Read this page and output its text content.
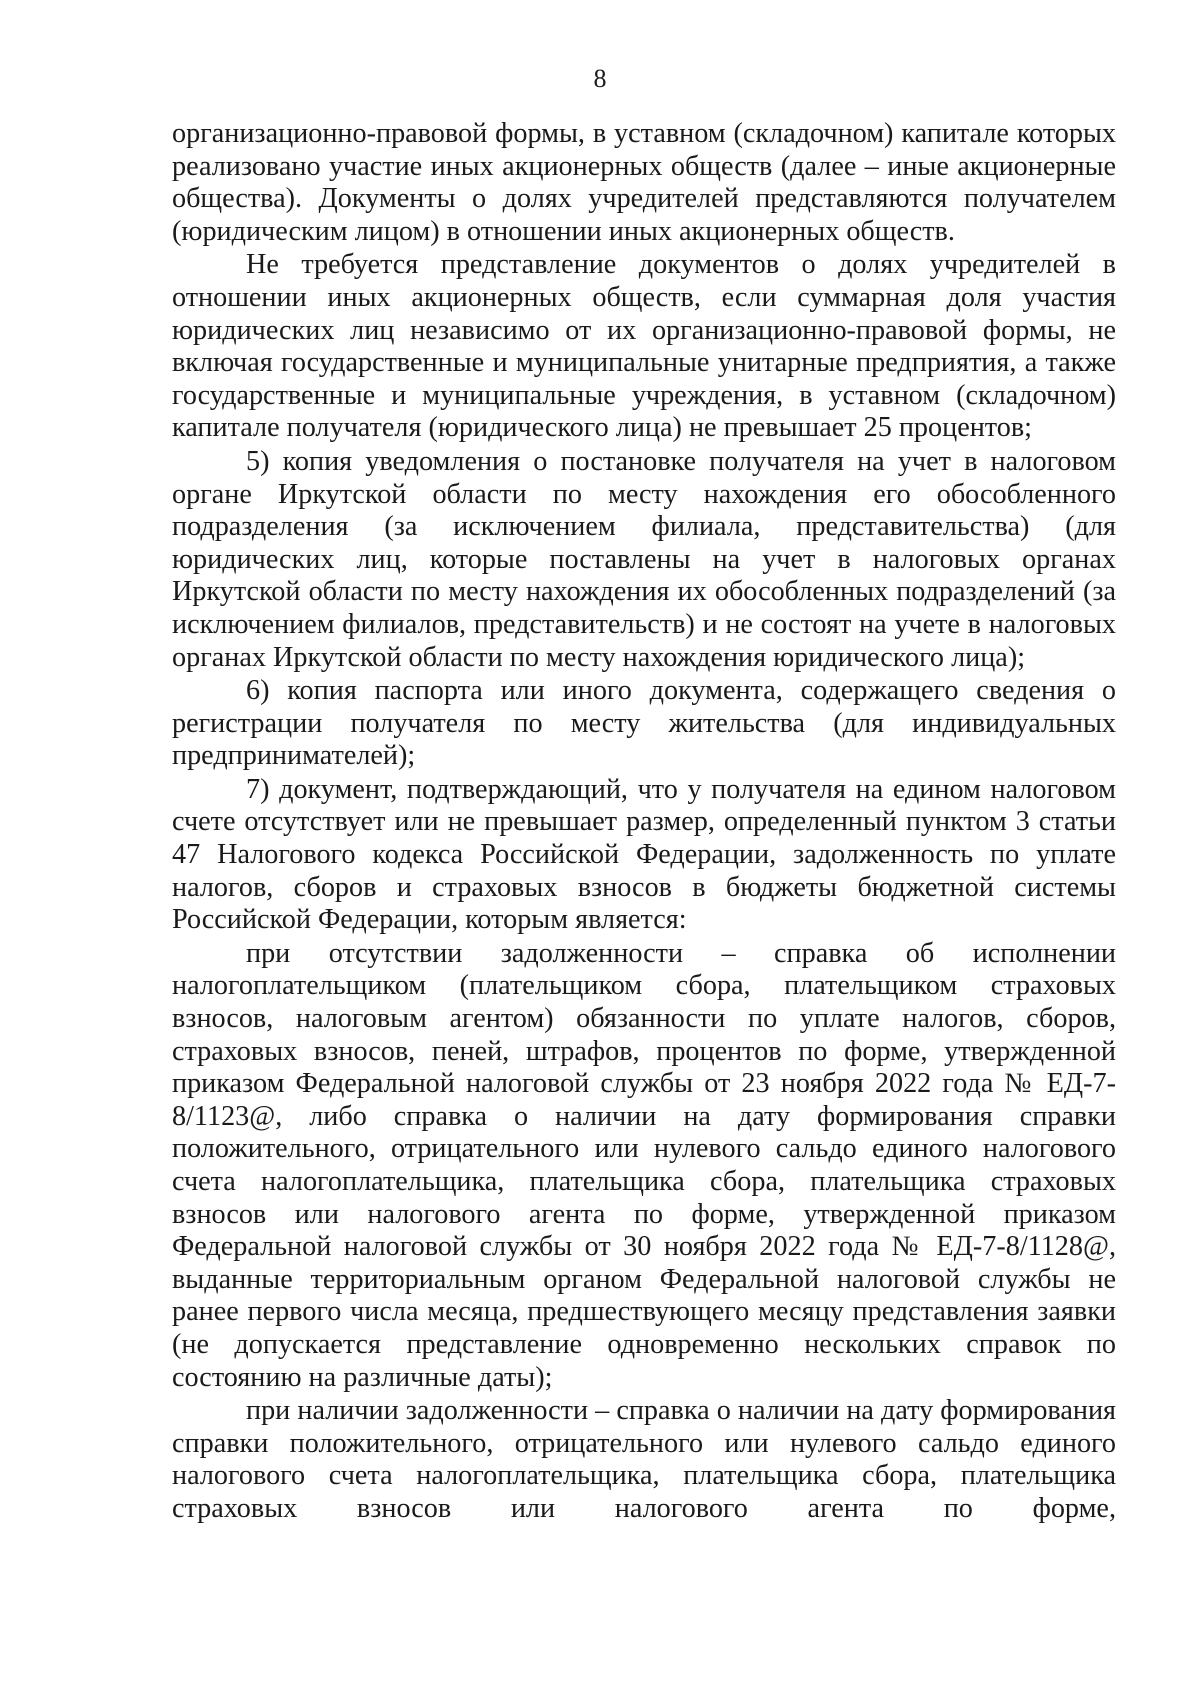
8

организационно-правовой формы, в уставном (складочном) капитале которых реализовано участие иных акционерных обществ (далее – иные акционерные общества). Документы о долях учредителей представляются получателем (юридическим лицом) в отношении иных акционерных обществ.

Не требуется представление документов о долях учредителей в отношении иных акционерных обществ, если суммарная доля участия юридических лиц независимо от их организационно-правовой формы, не включая государственные и муниципальные унитарные предприятия, а также государственные и муниципальные учреждения, в уставном (складочном) капитале получателя (юридического лица) не превышает 25 процентов;

5) копия уведомления о постановке получателя на учет в налоговом органе Иркутской области по месту нахождения его обособленного подразделения (за исключением филиала, представительства) (для юридических лиц, которые поставлены на учет в налоговых органах Иркутской области по месту нахождения их обособленных подразделений (за исключением филиалов, представительств) и не состоят на учете в налоговых органах Иркутской области по месту нахождения юридического лица);

6) копия паспорта или иного документа, содержащего сведения о регистрации получателя по месту жительства (для индивидуальных предпринимателей);

7) документ, подтверждающий, что у получателя на едином налоговом счете отсутствует или не превышает размер, определенный пунктом 3 статьи 47 Налогового кодекса Российской Федерации, задолженность по уплате налогов, сборов и страховых взносов в бюджеты бюджетной системы Российской Федерации, которым является:

при отсутствии задолженности – справка об исполнении налогоплательщиком (плательщиком сбора, плательщиком страховых взносов, налоговым агентом) обязанности по уплате налогов, сборов, страховых взносов, пеней, штрафов, процентов по форме, утвержденной приказом Федеральной налоговой службы от 23 ноября 2022 года № ЕД-7-8/1123@, либо справка о наличии на дату формирования справки положительного, отрицательного или нулевого сальдо единого налогового счета налогоплательщика, плательщика сбора, плательщика страховых взносов или налогового агента по форме, утвержденной приказом Федеральной налоговой службы от 30 ноября 2022 года № ЕД-7-8/1128@, выданные территориальным органом Федеральной налоговой службы не ранее первого числа месяца, предшествующего месяцу представления заявки (не допускается представление одновременно нескольких справок по состоянию на различные даты);

при наличии задолженности – справка о наличии на дату формирования справки положительного, отрицательного или нулевого сальдо единого налогового счета налогоплательщика, плательщика сбора, плательщика страховых взносов или налогового агента по форме,
